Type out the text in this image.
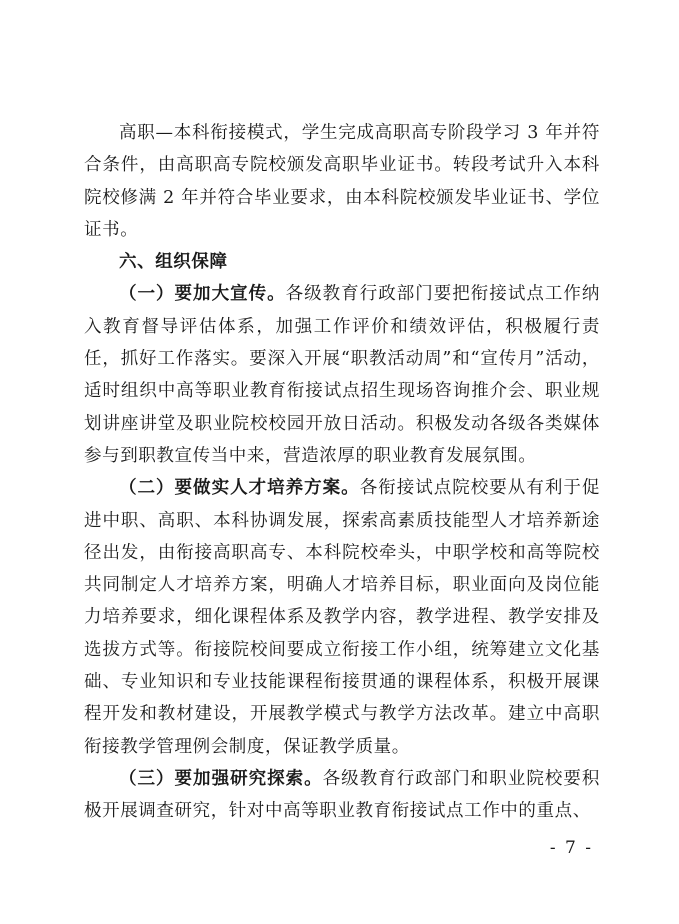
高职—本科衔接模式，学生完成高职高专阶段学习 3 年并符合条件，由高职高专院校颁发高职毕业证书。转段考试升入本科院校修满 2 年并符合毕业要求，由本科院校颁发毕业证书、学位证书。

六、组织保障

（一）要加大宣传。各级教育行政部门要把衔接试点工作纳入教育督导评估体系，加强工作评价和绩效评估，积极履行责任，抓好工作落实。要深入开展“职教活动周”和“宣传月”活动，适时组织中高等职业教育衔接试点招生现场咨询推介会、职业规划讲座讲堂及职业院校校园开放日活动。积极发动各级各类媒体参与到职教宣传当中来，营造浓厚的职业教育发展氛围。

（二）要做实人才培养方案。各衔接试点院校要从有利于促进中职、高职、本科协调发展，探索高素质技能型人才培养新途径出发，由衔接高职高专、本科院校牵头，中职学校和高等院校共同制定人才培养方案，明确人才培养目标，职业面向及岗位能力培养要求，细化课程体系及教学内容，教学进程、教学安排及选拔方式等。衔接院校间要成立衔接工作小组，统筹建立文化基础、专业知识和专业技能课程衔接贯通的课程体系，积极开展课程开发和教材建设，开展教学模式与教学方法改革。建立中高职衔接教学管理例会制度，保证教学质量。

（三）要加强研究探索。各级教育行政部门和职业院校要积极开展调查研究，针对中高等职业教育衔接试点工作中的重点、

- 7 -
